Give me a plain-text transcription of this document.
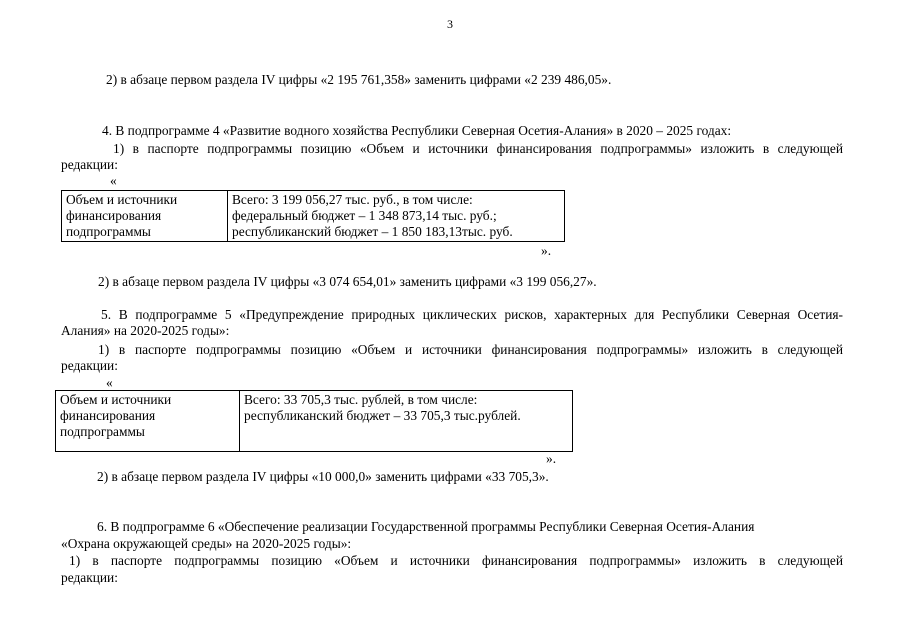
3
2) в абзаце первом раздела IV цифры «2 195 761,358» заменить цифрами «2 239 486,05».
4. В подпрограмме 4 «Развитие водного хозяйства Республики Северная Осетия-Алания» в 2020 – 2025 годах:
1) в паспорте подпрограммы позицию «Объем и источники финансирования подпрограммы» изложить в следующей
редакции:
«
Объем и источники
финансирования
подпрограммы

Всего: 3 199 056,27 тыс. руб., в том числе:
федеральный бюджет – 1 348 873,14 тыс. руб.;
республиканский бюджет – 1 850 183,13тыс. руб.
».
2) в абзаце первом раздела IV цифры «3 074 654,01» заменить цифрами «3 199 056,27».
5. В подпрограмме 5 «Предупреждение природных циклических рисков, характерных для Республики Северная Осетия-
Алания» на 2020-2025 годы»:
1) в паспорте подпрограммы позицию «Объем и источники финансирования подпрограммы» изложить в следующей
редакции:
«
Объем и источники
финансирования
подпрограммы

Всего: 33 705,3 тыс. рублей, в том числе:
республиканский бюджет – 33 705,3 тыс.рублей.
».
2) в абзаце первом раздела IV цифры «10 000,0» заменить цифрами «33 705,3».
6. В подпрограмме 6 «Обеспечение реализации Государственной программы Республики Северная Осетия-Алания
«Охрана окружающей среды» на 2020-2025 годы»:
1) в паспорте подпрограммы позицию «Объем и источники финансирования подпрограммы» изложить в следующей
редакции:
